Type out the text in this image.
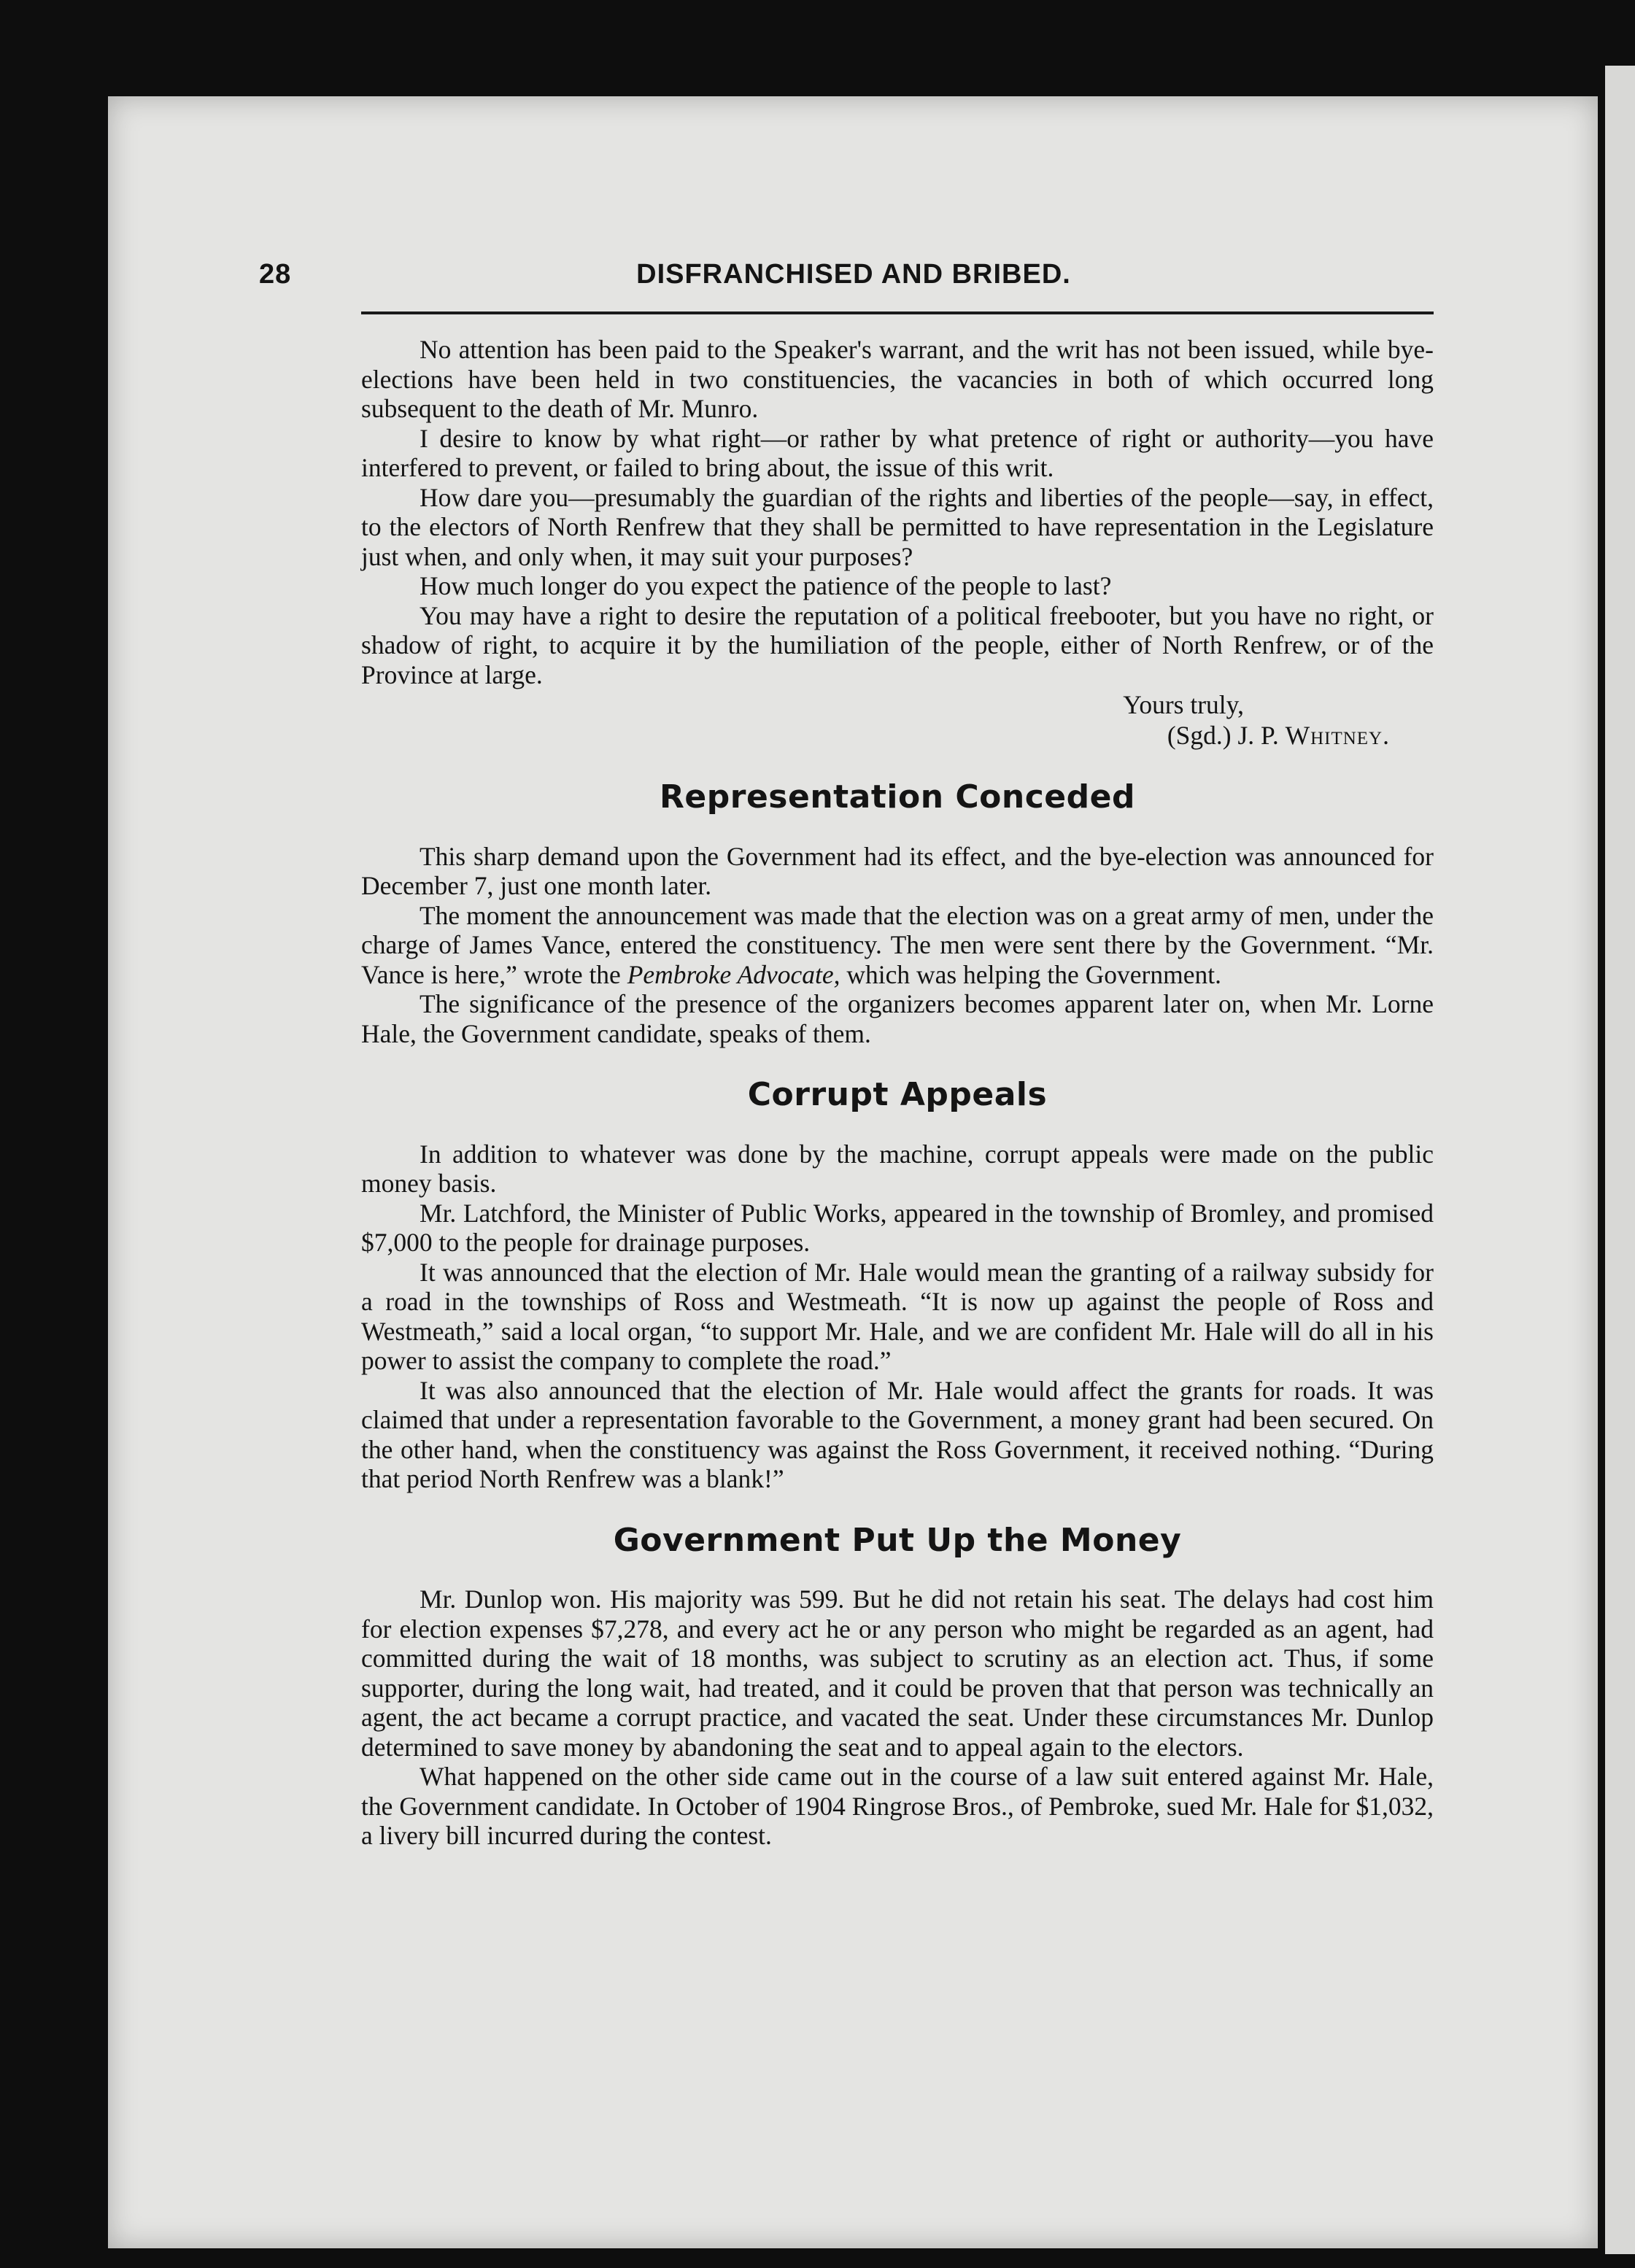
28	DISFRANCHISED AND BRIBED.

No attention has been paid to the Speaker's warrant, and the writ has not been issued, while bye-elections have been held in two constituencies, the vacancies in both of which occurred long subsequent to the death of Mr. Munro.

I desire to know by what right—or rather by what pretence of right or authority—you have interfered to prevent, or failed to bring about, the issue of this writ.

How dare you—presumably the guardian of the rights and liberties of the people—say, in effect, to the electors of North Renfrew that they shall be permitted to have representation in the Legislature just when, and only when, it may suit your purposes?

How much longer do you expect the patience of the people to last?

You may have a right to desire the reputation of a political freebooter, but you have no right, or shadow of right, to acquire it by the humiliation of the people, either of North Renfrew, or of the Province at large.

Yours truly,
(Sgd.) J. P. Whitney.
Representation Conceded

This sharp demand upon the Government had its effect, and the bye-election was announced for December 7, just one month later.

The moment the announcement was made that the election was on a great army of men, under the charge of James Vance, entered the constituency. The men were sent there by the Government. “Mr. Vance is here,” wrote the Pembroke Advocate, which was helping the Government.

The significance of the presence of the organizers becomes apparent later on, when Mr. Lorne Hale, the Government candidate, speaks of them.

Corrupt Appeals

In addition to whatever was done by the machine, corrupt appeals were made on the public money basis.

Mr. Latchford, the Minister of Public Works, appeared in the township of Bromley, and promised $7,000 to the people for drainage purposes.

It was announced that the election of Mr. Hale would mean the granting of a railway subsidy for a road in the townships of Ross and Westmeath. “It is now up against the people of Ross and Westmeath,” said a local organ, “to support Mr. Hale, and we are confident Mr. Hale will do all in his power to assist the company to complete the road.”

It was also announced that the election of Mr. Hale would affect the grants for roads. It was claimed that under a representation favorable to the Government, a money grant had been secured. On the other hand, when the constituency was against the Ross Government, it received nothing. “During that period North Renfrew was a blank!”

Government Put Up the Money

Mr. Dunlop won. His majority was 599. But he did not retain his seat. The delays had cost him for election expenses $7,278, and every act he or any person who might be regarded as an agent, had committed during the wait of 18 months, was subject to scrutiny as an election act. Thus, if some supporter, during the long wait, had treated, and it could be proven that that person was technically an agent, the act became a corrupt practice, and vacated the seat. Under these circumstances Mr. Dunlop determined to save money by abandoning the seat and to appeal again to the electors.

What happened on the other side came out in the course of a law suit entered against Mr. Hale, the Government candidate. In October of 1904 Ringrose Bros., of Pembroke, sued Mr. Hale for $1,032, a livery bill incurred during the contest.
